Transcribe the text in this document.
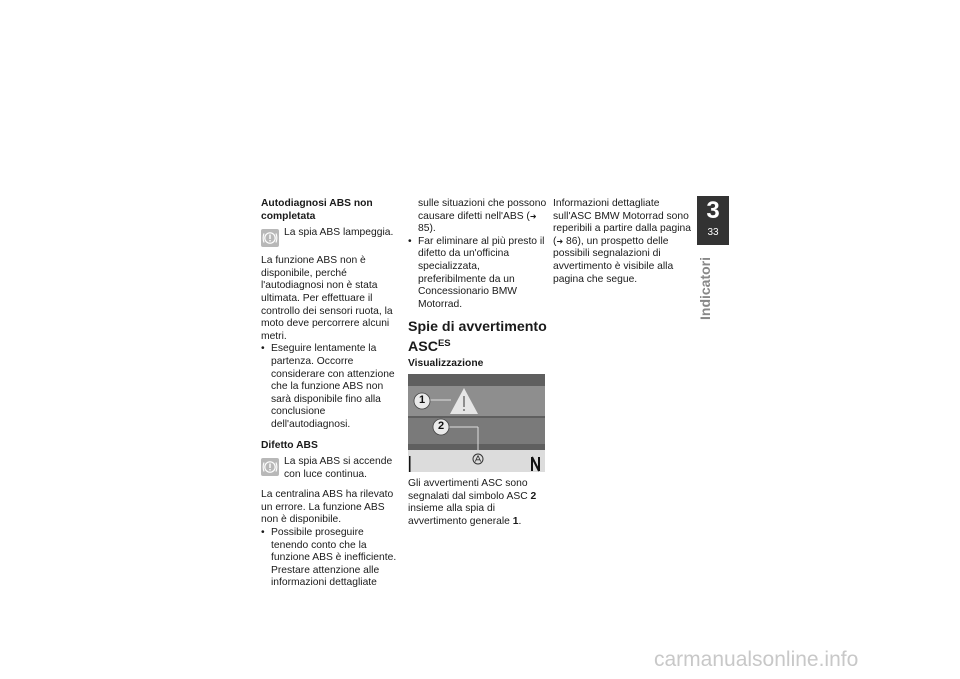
Autodiagnosi ABS non completata

La spia ABS lampeggia.

La funzione ABS non è disponibile, perché l'autodiagnosi non è stata ultimata. Per effettuare il controllo dei sensori ruota, la moto deve percorrere alcuni metri.

• Eseguire lentamente la partenza. Occorre considerare con attenzione che la funzione ABS non sarà disponibile fino alla conclusione dell'autodiagnosi.

Difetto ABS

La spia ABS si accende con luce continua.

La centralina ABS ha rilevato un errore. La funzione ABS non è disponibile.

• Possibile proseguire tenendo conto che la funzione ABS è inefficiente. Prestare attenzione alle informazioni dettagliate

sulle situazioni che possono causare difetti nell'ABS (➜ 85).

• Far eliminare al più presto il difetto da un'officina specializzata, preferibilmente da un Concessionario BMW Motorrad.

Spie di avvertimento $ASC^{ES}$

Visualizzazione

1
2

Gli avvertimenti ASC sono segnalati dal simbolo ASC 2 insieme alla spia di avvertimento generale 1.

Informazioni dettagliate sull'ASC BMW Motorrad sono reperibili a partire dalla pagina (➜ 86), un prospetto delle possibili segnalazioni di avvertimento è visibile alla pagina che segue.

3
33
Indicatori
carmanualsonline.info
